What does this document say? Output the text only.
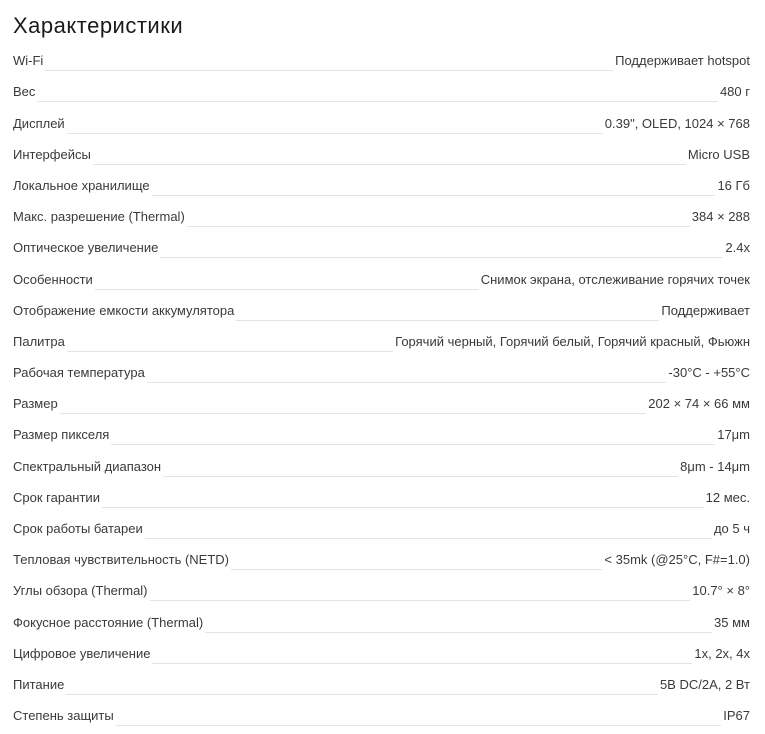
Характеристики
Wi-Fi	Поддерживает hotspot
Вес	480 г
Дисплей	0.39", OLED, 1024 × 768
Интерфейсы	Micro USB
Локальное хранилище	16 Гб
Макс. разрешение (Thermal)	384 × 288
Оптическое увеличение	2.4x
Особенности	Снимок экрана, отслеживание горячих точек
Отображение емкости аккумулятора	Поддерживает
Палитра	Горячий черный, Горячий белый, Горячий красный, Фьюжн
Рабочая температура	-30°C - +55°C
Размер	202 × 74 × 66 мм
Размер пикселя	17μm
Спектральный диапазон	8μm - 14μm
Срок гарантии	12 мес.
Срок работы батареи	до 5 ч
Тепловая чувствительность (NETD)	< 35mk (@25°C, F#=1.0)
Углы обзора (Thermal)	10.7° × 8°
Фокусное расстояние (Thermal)	35 мм
Цифровое увеличение	1x, 2x, 4x
Питание	5B DC/2A, 2 Вт
Степень защиты	IP67
